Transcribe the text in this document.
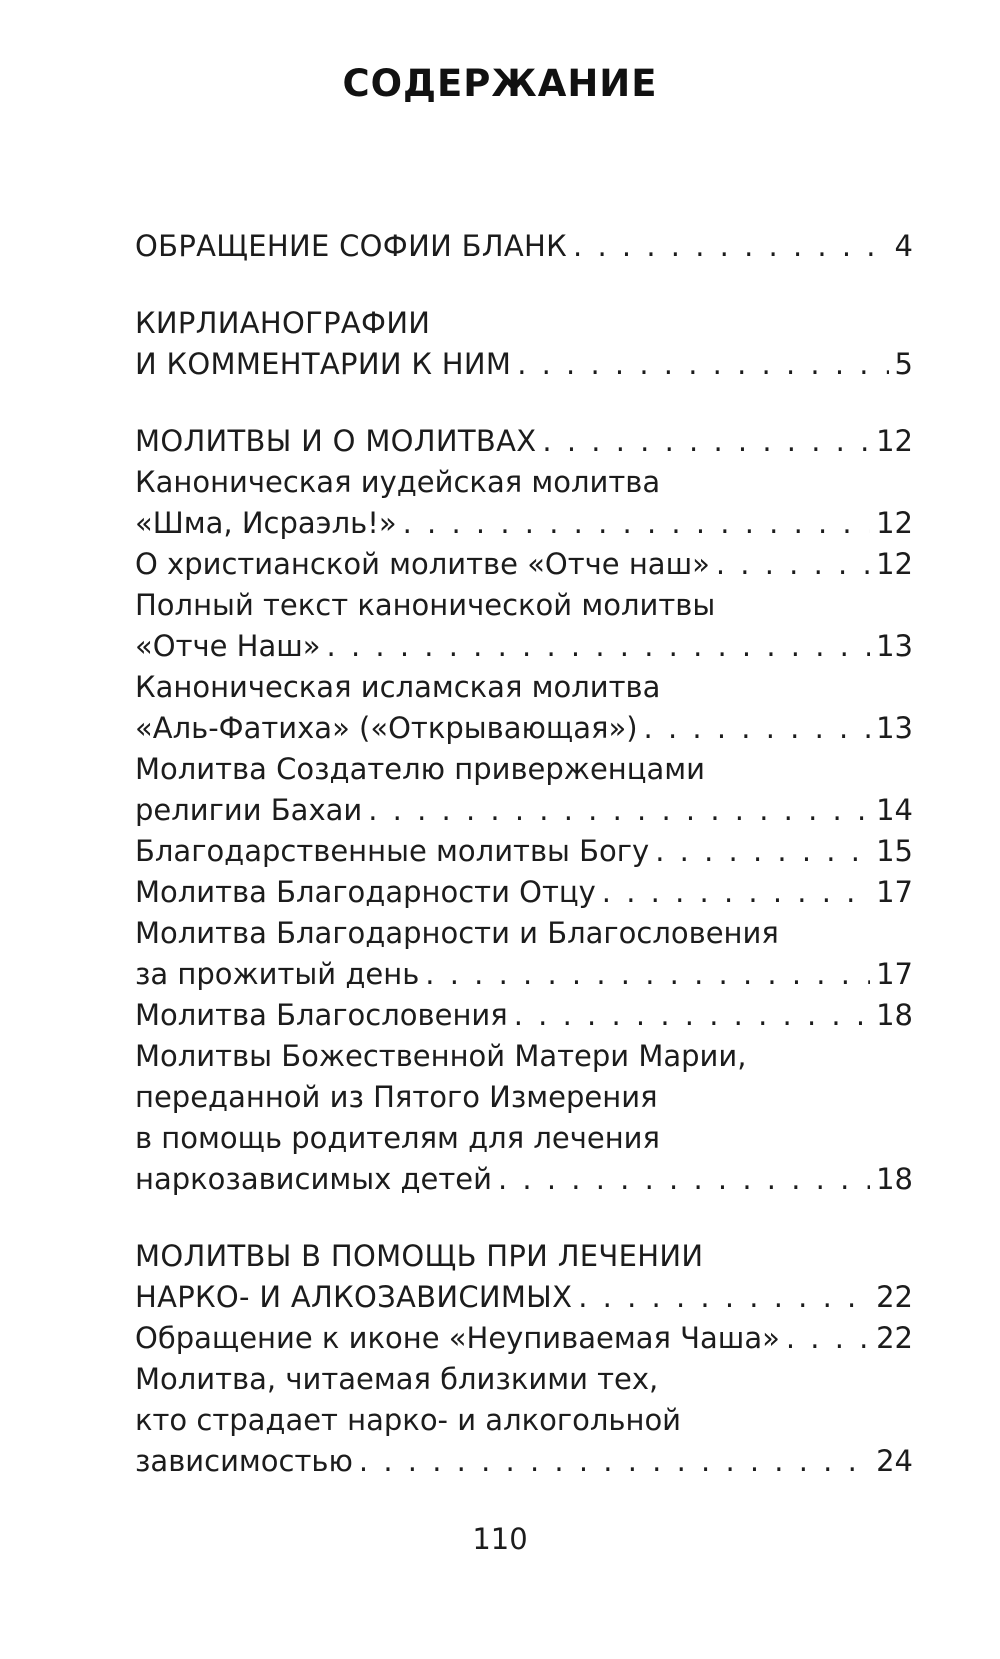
СОДЕРЖАНИЕ
ОБРАЩЕНИЕ СОФИИ БЛАНК . . .	4
КИРЛИАНОГРАФИИ
И КОММЕНТАРИИ К НИМ . . .	5
МОЛИТВЫ И О МОЛИТВАХ . . .	12
Каноническая иудейская молитва
«Шма, Исраэль!» . . .	12
О христианской молитве «Отче наш» . . .	12
Полный текст канонической молитвы
«Отче Наш» . . .	13
Каноническая исламская молитва
«Аль-Фатиха» («Открывающая») . . .	13
Молитва Создателю приверженцами
религии Бахаи . . .	14
Благодарственные молитвы Богу . . .	15
Молитва Благодарности Отцу . . .	17
Молитва Благодарности и Благословения
за прожитый день . . .	17
Молитва Благословения . . .	18
Молитвы Божественной Матери Марии,
переданной из Пятого Измерения
в помощь родителям для лечения
наркозависимых детей . . .	18
МОЛИТВЫ В ПОМОЩЬ ПРИ ЛЕЧЕНИИ
НАРКО- И АЛКОЗАВИСИМЫХ . . .	22
Обращение к иконе «Неупиваемая Чаша» . . .	22
Молитва, читаемая близкими тех,
кто страдает нарко- и алкогольной
зависимостью . . .	24
110
